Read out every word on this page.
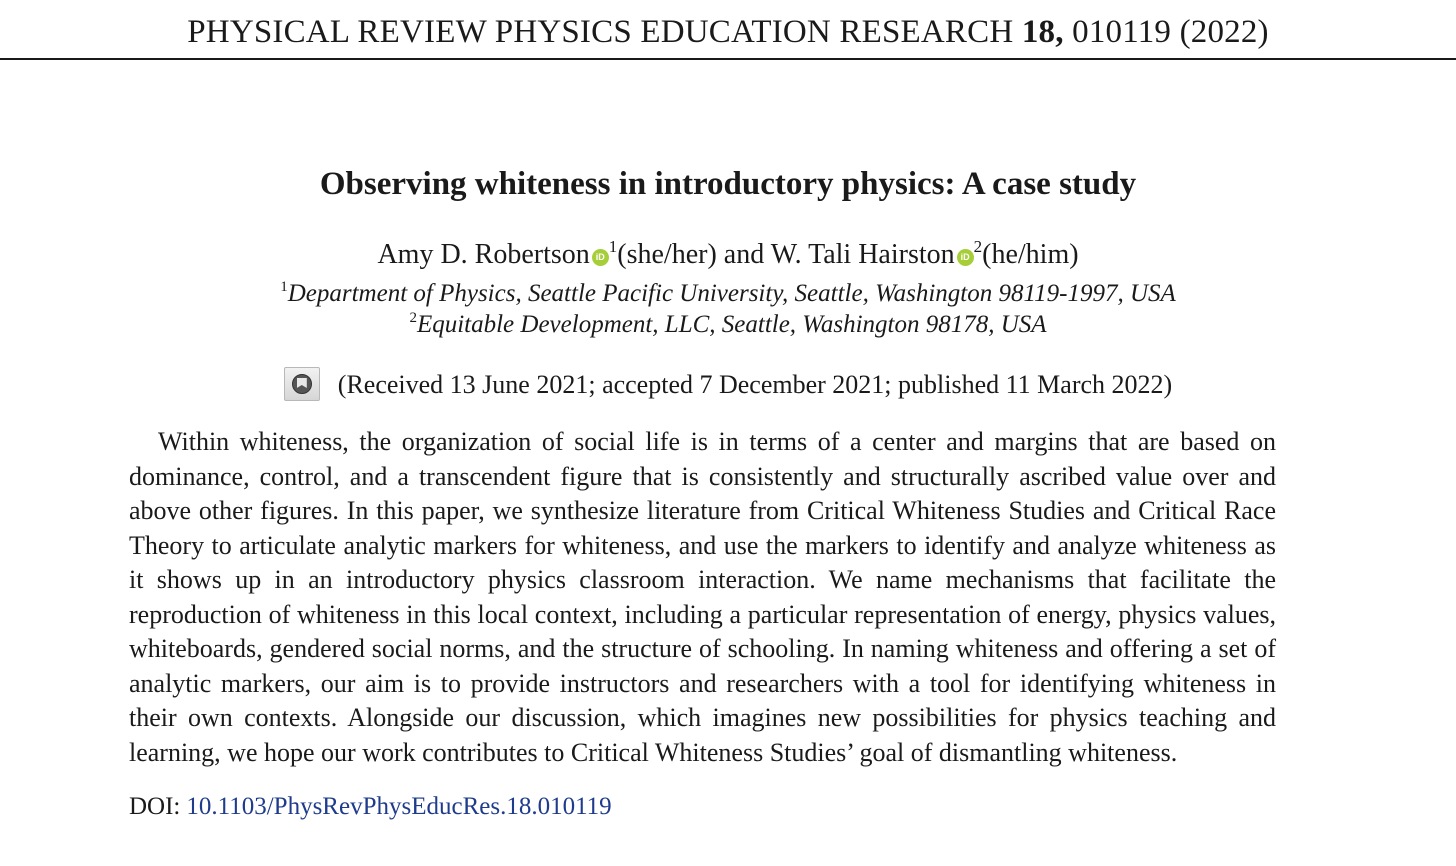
PHYSICAL REVIEW PHYSICS EDUCATION RESEARCH 18, 010119 (2022)
Observing whiteness in introductory physics: A case study
Amy D. Robertson $iD^1(she/her)$ and W. Tali Hairston $iD^2(he/him)$
$^1$Department of Physics, Seattle Pacific University, Seattle, Washington 98119-1997, USA
$^2$Equitable Development, LLC, Seattle, Washington 98178, USA
(Received 13 June 2021; accepted 7 December 2021; published 11 March 2022)

Within whiteness, the organization of social life is in terms of a center and margins that are based on dominance, control, and a transcendent figure that is consistently and structurally ascribed value over and above other figures. In this paper, we synthesize literature from Critical Whiteness Studies and Critical Race Theory to articulate analytic markers for whiteness, and use the markers to identify and analyze whiteness as it shows up in an introductory physics classroom interaction. We name mechanisms that facilitate the reproduction of whiteness in this local context, including a particular representation of energy, physics values, whiteboards, gendered social norms, and the structure of schooling. In naming whiteness and offering a set of analytic markers, our aim is to provide instructors and researchers with a tool for identifying whiteness in their own contexts. Alongside our discussion, which imagines new possibilities for physics teaching and learning, we hope our work contributes to Critical Whiteness Studies’ goal of dismantling whiteness.

DOI: 10.1103/PhysRevPhysEducRes.18.010119
